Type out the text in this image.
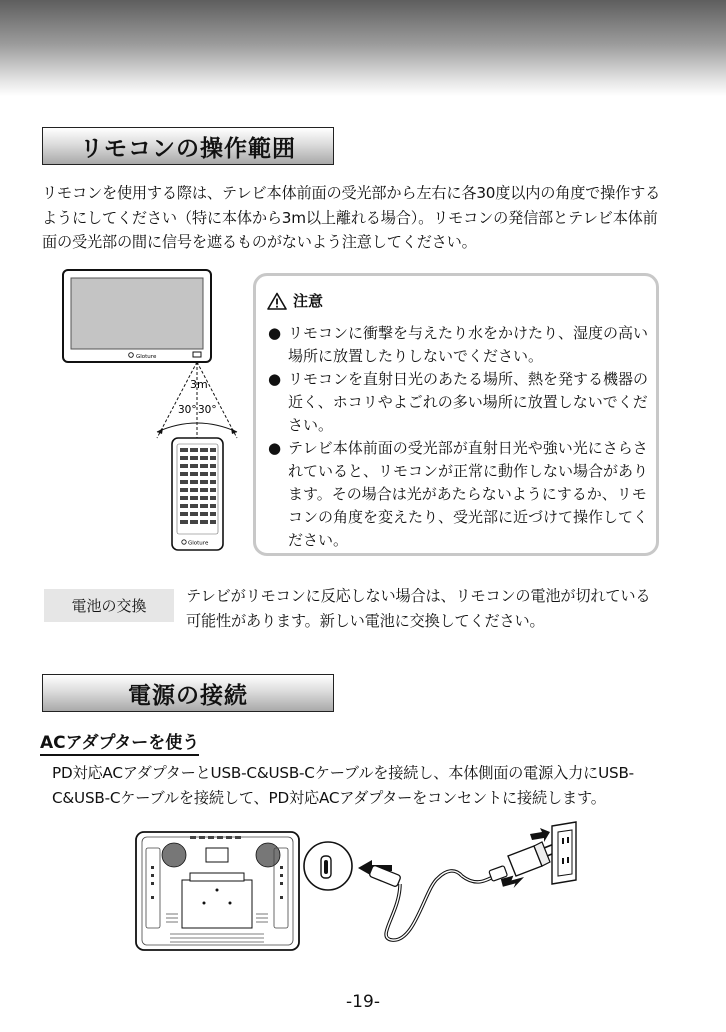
リモコンの操作範囲

リモコンを使用する際は、テレビ本体前面の受光部から左右に各30度以内の角度で操作するようにしてください（特に本体から3m以上離れる場合）。リモコンの発信部とテレビ本体前面の受光部の間に信号を遮るものがないよう注意してください。

Gloture
3m
30° 30°
Gloture
注意
● リモコンに衝撃を与えたり水をかけたり、湿度の高い場所に放置したりしないでください。
● リモコンを直射日光のあたる場所、熱を発する機器の近く、ホコリやよごれの多い場所に放置しないでください。
● テレビ本体前面の受光部が直射日光や強い光にさらされていると、リモコンが正常に動作しない場合があります。その場合は光があたらないようにするか、リモコンの角度を変えたり、受光部に近づけて操作してください。
電池の交換

テレビがリモコンに反応しない場合は、リモコンの電池が切れている可能性があります。新しい電池に交換してください。

電源の接続
ACアダプターを使う

PD対応ACアダプターとUSB-C&USB-Cケーブルを接続し、本体側面の電源入力にUSB-C&USB-Cケーブルを接続して、PD対応ACアダプターをコンセントに接続します。

-19-
